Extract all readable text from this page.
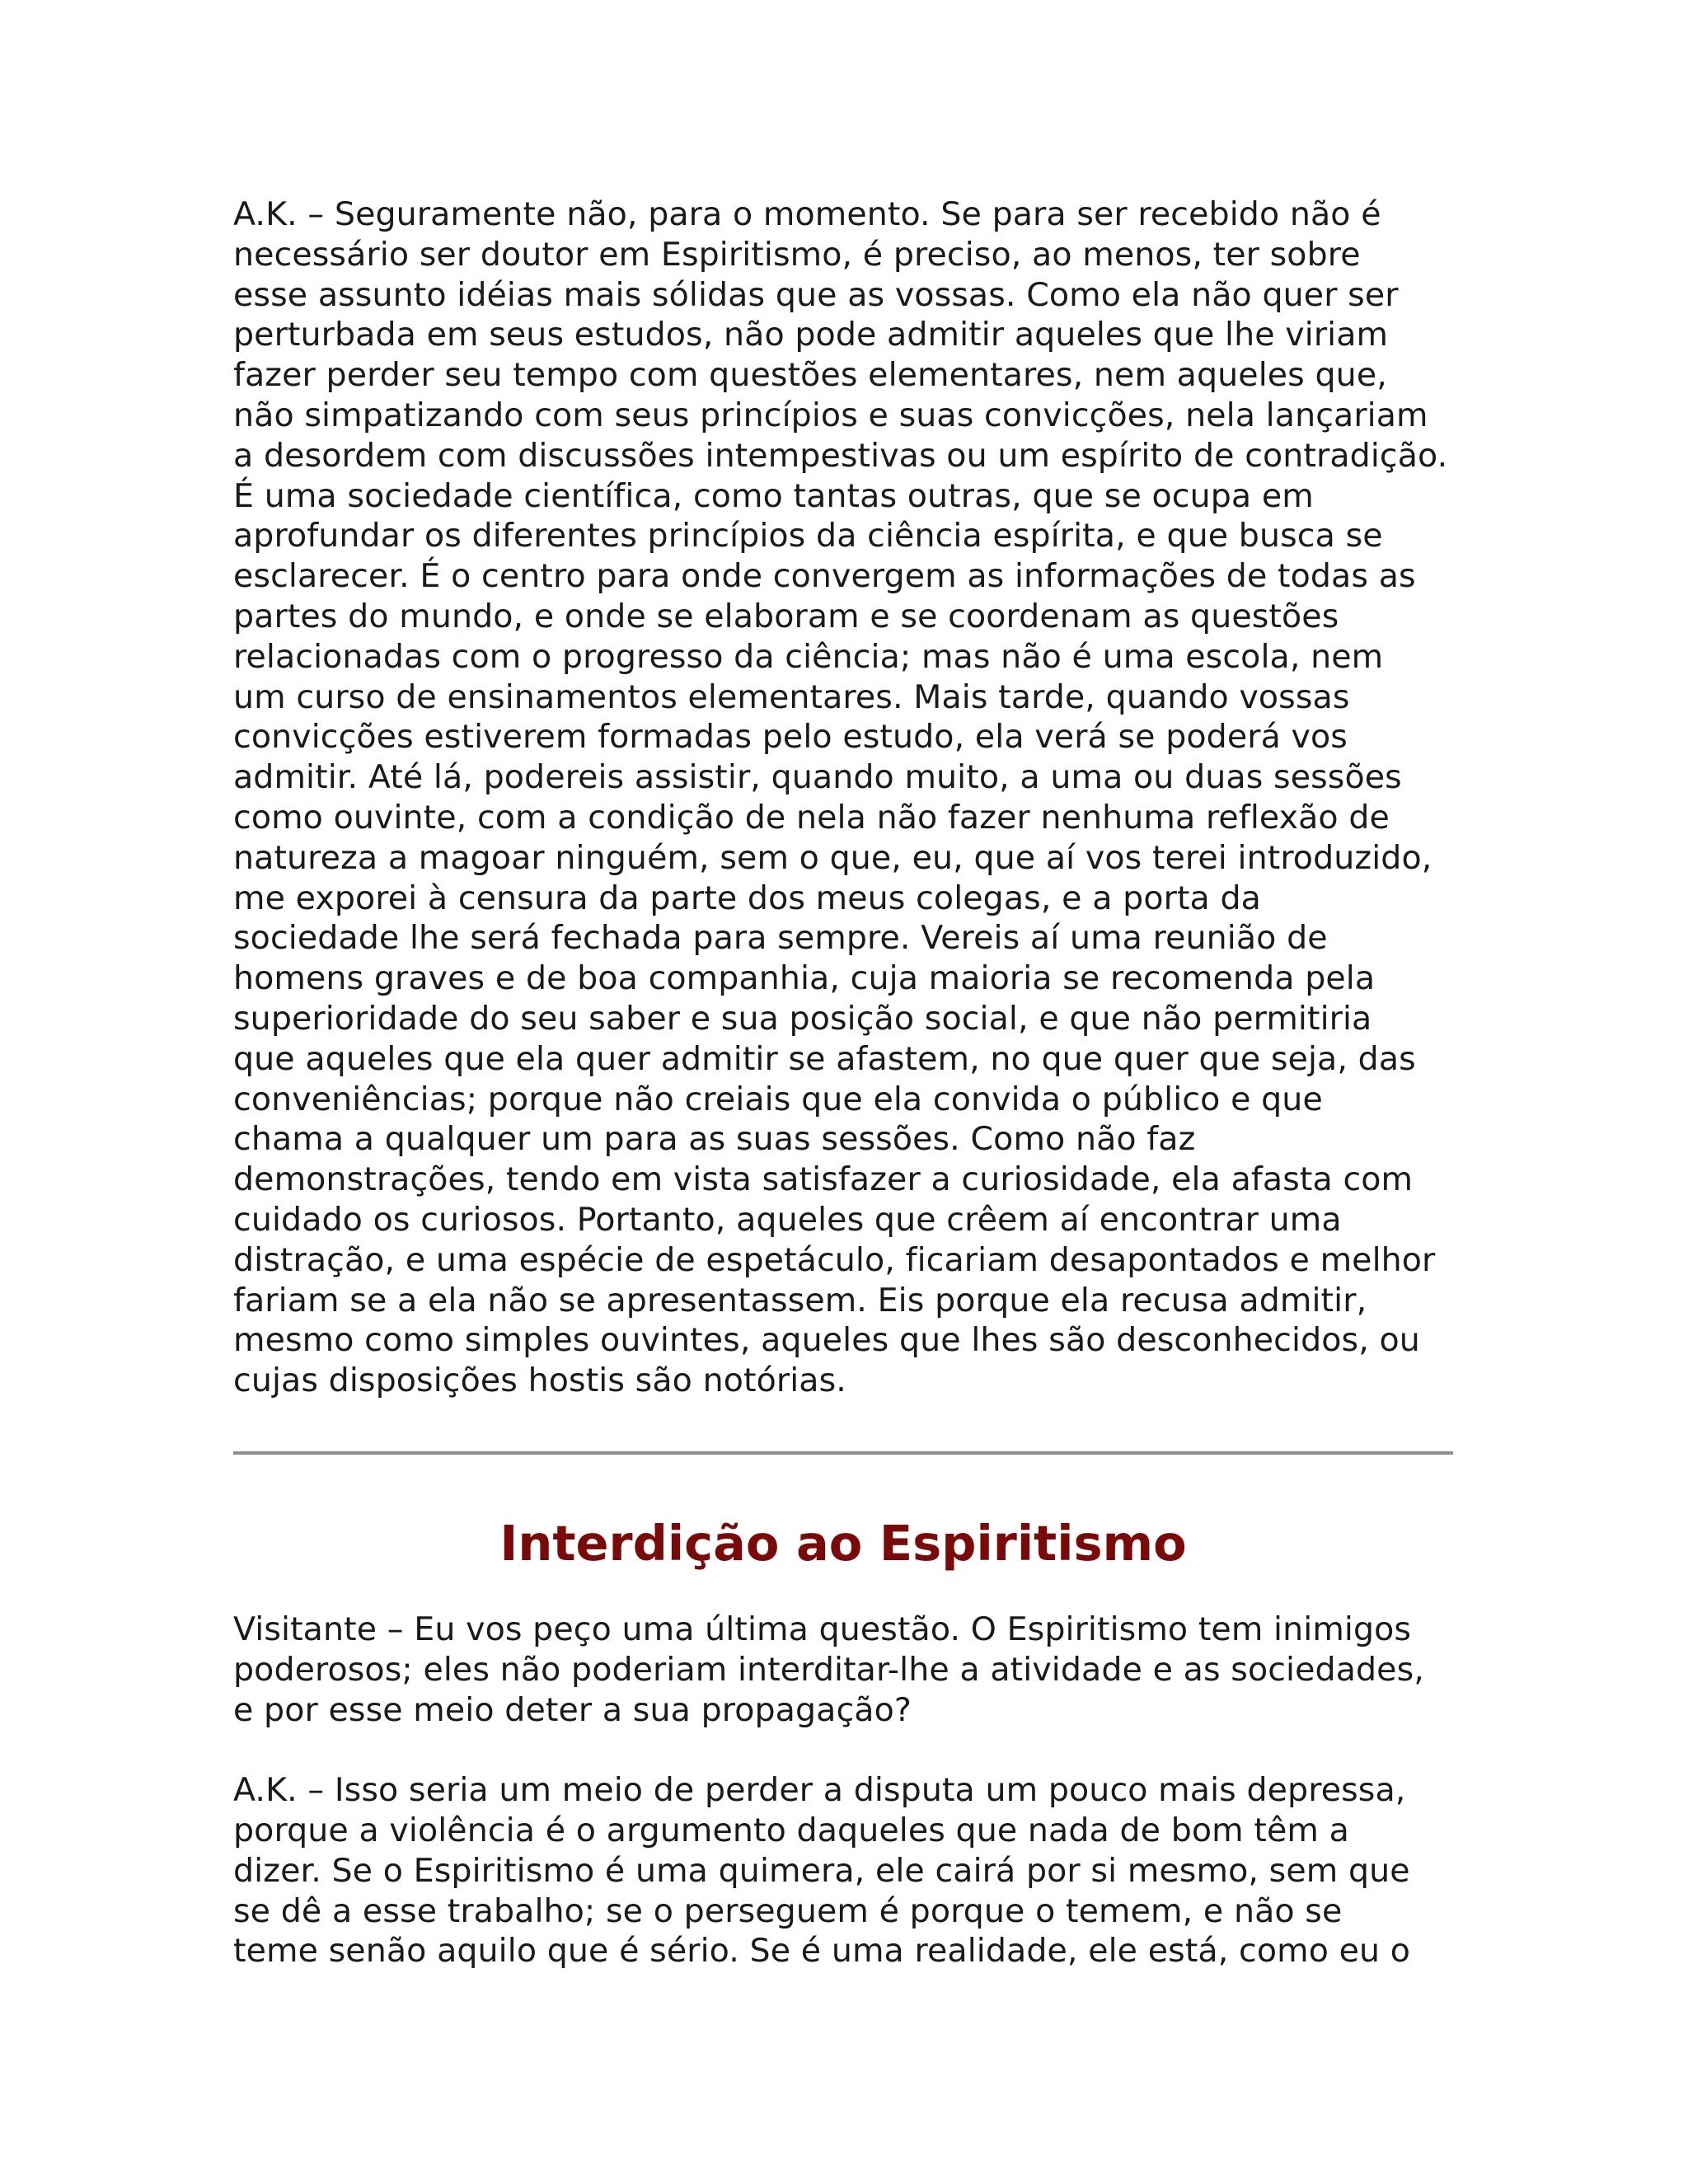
A.K. – Seguramente não, para o momento. Se para ser recebido não é
necessário ser doutor em Espiritismo, é preciso, ao menos, ter sobre
esse assunto idéias mais sólidas que as vossas. Como ela não quer ser
perturbada em seus estudos, não pode admitir aqueles que lhe viriam
fazer perder seu tempo com questões elementares, nem aqueles que,
não simpatizando com seus princípios e suas convicções, nela lançariam
a desordem com discussões intempestivas ou um espírito de contradição.
É uma sociedade científica, como tantas outras, que se ocupa em
aprofundar os diferentes princípios da ciência espírita, e que busca se
esclarecer. É o centro para onde convergem as informações de todas as
partes do mundo, e onde se elaboram e se coordenam as questões
relacionadas com o progresso da ciência; mas não é uma escola, nem
um curso de ensinamentos elementares. Mais tarde, quando vossas
convicções estiverem formadas pelo estudo, ela verá se poderá vos
admitir. Até lá, podereis assistir, quando muito, a uma ou duas sessões
como ouvinte, com a condição de nela não fazer nenhuma reflexão de
natureza a magoar ninguém, sem o que, eu, que aí vos terei introduzido,
me exporei à censura da parte dos meus colegas, e a porta da
sociedade lhe será fechada para sempre. Vereis aí uma reunião de
homens graves e de boa companhia, cuja maioria se recomenda pela
superioridade do seu saber e sua posição social, e que não permitiria
que aqueles que ela quer admitir se afastem, no que quer que seja, das
conveniências; porque não creiais que ela convida o público e que
chama a qualquer um para as suas sessões. Como não faz
demonstrações, tendo em vista satisfazer a curiosidade, ela afasta com
cuidado os curiosos. Portanto, aqueles que crêem aí encontrar uma
distração, e uma espécie de espetáculo, ficariam desapontados e melhor
fariam se a ela não se apresentassem. Eis porque ela recusa admitir,
mesmo como simples ouvintes, aqueles que lhes são desconhecidos, ou
cujas disposições hostis são notórias.

Interdição ao Espiritismo

Visitante – Eu vos peço uma última questão. O Espiritismo tem inimigos
poderosos; eles não poderiam interditar-lhe a atividade e as sociedades,
e por esse meio deter a sua propagação?

A.K. – Isso seria um meio de perder a disputa um pouco mais depressa,
porque a violência é o argumento daqueles que nada de bom têm a
dizer. Se o Espiritismo é uma quimera, ele cairá por si mesmo, sem que
se dê a esse trabalho; se o perseguem é porque o temem, e não se
teme senão aquilo que é sério. Se é uma realidade, ele está, como eu o
